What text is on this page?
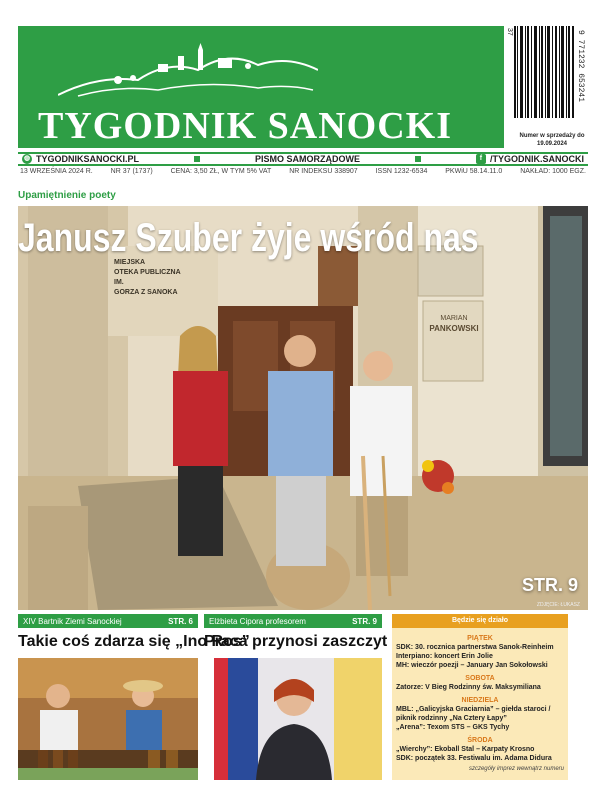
TYGODNIK SANOCKI
9 771232 653241
Numer w sprzedaży do 19.09.2024
◍ TYGODNIKSANOCKI.PL	PISMO SAMORZĄDOWE	f /TYGODNIK.SANOCKI
13 WRZEŚNIA 2024 R.	NR 37 (1737)	CENA: 3,50 ZŁ, W TYM 5% VAT	NR INDEKSU 338907	ISSN 1232-6534	PKWiU 58.14.11.0	NAKŁAD: 1000 EGZ.
Upamiętnienie poety
MIEJSKA
OTEKA PUBLICZNA
IM.
GORZA Z SANOKA
MARIAN
PANKOWSKI
Janusz Szuber żyje wśród nas
STR. 9
ZDJĘCIE: ŁUKASZ
XIV Bartnik Ziemi Sanockiej	STR. 6
Takie coś zdarza się „Ino Ros”
Elżbieta Cipora profesorem	STR. 9
Praca przynosi zaszczyt
Będzie się działo
PIĄTEK
SDK: 30. rocznica partnerstwa Sanok-Reinheim
Interpiano: koncert Erin Jolie
MH: wieczór poezji – January Jan Sokołowski
SOBOTA
Zatorze: V Bieg Rodzinny św. Maksymiliana
NIEDZIELA
MBL: „Galicyjska Graciarnia” – giełda staroci / piknik rodzinny „Na Cztery Łapy”
„Arena”: Texom STS – GKS Tychy
ŚRODA
„Wierchy”: Ekoball Stal – Karpaty Krosno
SDK: początek 33. Festiwalu im. Adama Didura
szczegóły imprez wewnątrz numeru
37
